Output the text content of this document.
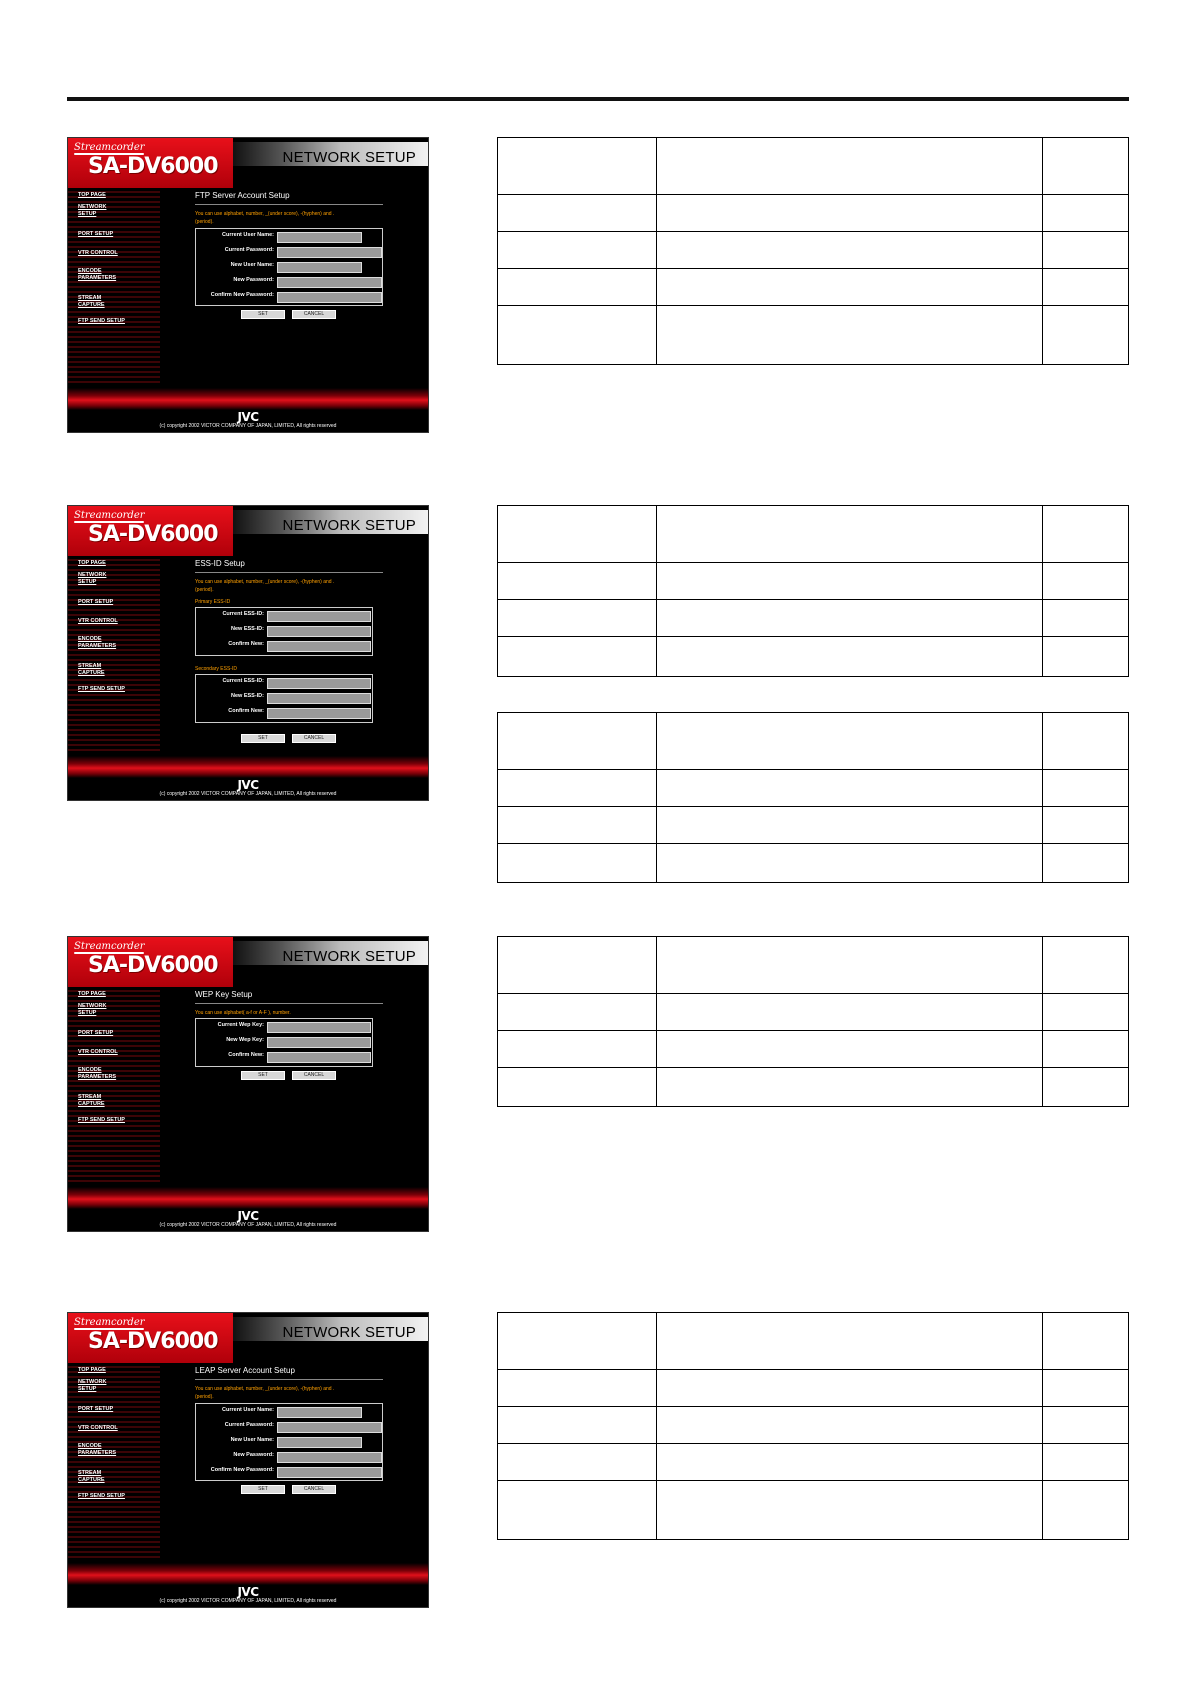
Streamcorder
SA-DV6000	NETWORK SETUP
TOP PAGE
NETWORK
SETUP
PORT SETUP
VTR CONTROL
ENCODE
PARAMETERS
STREAM
CAPTURE
FTP SEND SETUP
FTP Server Account Setup
You can use alphabet, number, _(under score), -(hyphen) and .
(period).
Current User Name:
Current Password:
New User Name:
New Password:
Confirm New Password:
SET	CANCEL
JVC
(c) copyright 2002 VICTOR COMPANY OF JAPAN, LIMITED, All rights reserved
Streamcorder
SA-DV6000	NETWORK SETUP
TOP PAGE
NETWORK
SETUP
PORT SETUP
VTR CONTROL
ENCODE
PARAMETERS
STREAM
CAPTURE
FTP SEND SETUP
ESS-ID Setup
You can use alphabet, number, _(under score), -(hyphen) and .
(period).
Primary ESS-ID
Current ESS-ID:
New ESS-ID:
Confirm New:
Secondary ESS-ID
Current ESS-ID:
New ESS-ID:
Confirm New:
SET	CANCEL
JVC
(c) copyright 2002 VICTOR COMPANY OF JAPAN, LIMITED, All rights reserved
Streamcorder
SA-DV6000	NETWORK SETUP
TOP PAGE
NETWORK
SETUP
PORT SETUP
VTR CONTROL
ENCODE
PARAMETERS
STREAM
CAPTURE
FTP SEND SETUP
WEP Key Setup
You can use alphabet( a-f or A-F ), number.
Current Wep Key:
New Wep Key:
Confirm New:
SET	CANCEL
JVC
(c) copyright 2002 VICTOR COMPANY OF JAPAN, LIMITED, All rights reserved
Streamcorder
SA-DV6000	NETWORK SETUP
TOP PAGE
NETWORK
SETUP
PORT SETUP
VTR CONTROL
ENCODE
PARAMETERS
STREAM
CAPTURE
FTP SEND SETUP
LEAP Server Account Setup
You can use alphabet, number, _(under score), -(hyphen) and .
(period).
Current User Name:
Current Password:
New User Name:
New Password:
Confirm New Password:
SET	CANCEL
JVC
(c) copyright 2002 VICTOR COMPANY OF JAPAN, LIMITED, All rights reserved
